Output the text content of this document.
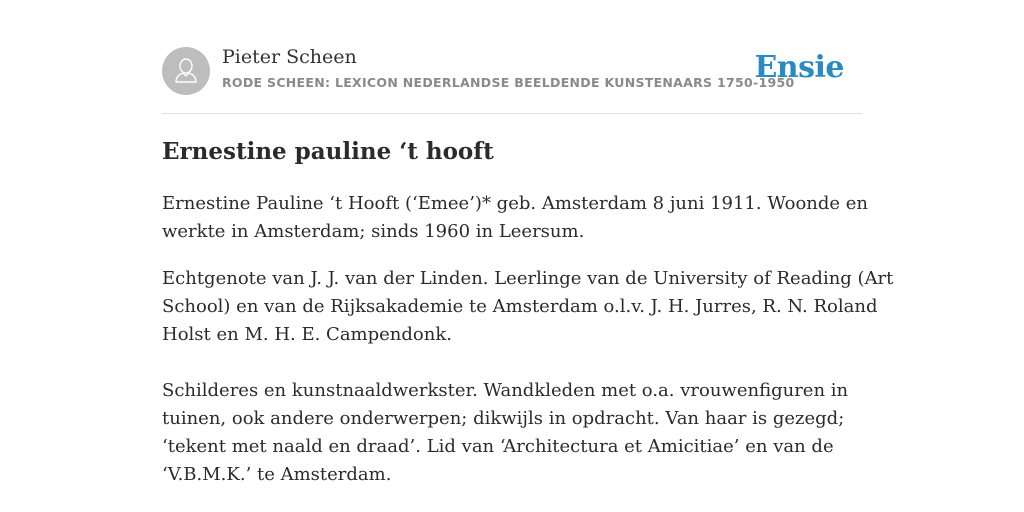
Pieter Scheen
RODE SCHEEN: LEXICON NEDERLANDSE BEELDENDE KUNSTENAARS 1750-1950
Ensie
Ernestine pauline ‘t hooft

Ernestine Pauline ‘t Hooft (‘Emee’)* geb. Amsterdam 8 juni 1911. Woonde en
werkte in Amsterdam; sinds 1960 in Leersum.

Echtgenote van J. J. van der Linden. Leerlinge van de University of Reading (Art
School) en van de Rijksakademie te Amsterdam o.l.v. J. H. Jurres, R. N. Roland
Holst en M. H. E. Campendonk.

Schilderes en kunstnaaldwerkster. Wandkleden met o.a. vrouwenfiguren in
tuinen, ook andere onderwerpen; dikwijls in opdracht. Van haar is gezegd;
‘tekent met naald en draad’. Lid van ‘Architectura et Amicitiae’ en van de
‘V.B.M.K.’ te Amsterdam.
